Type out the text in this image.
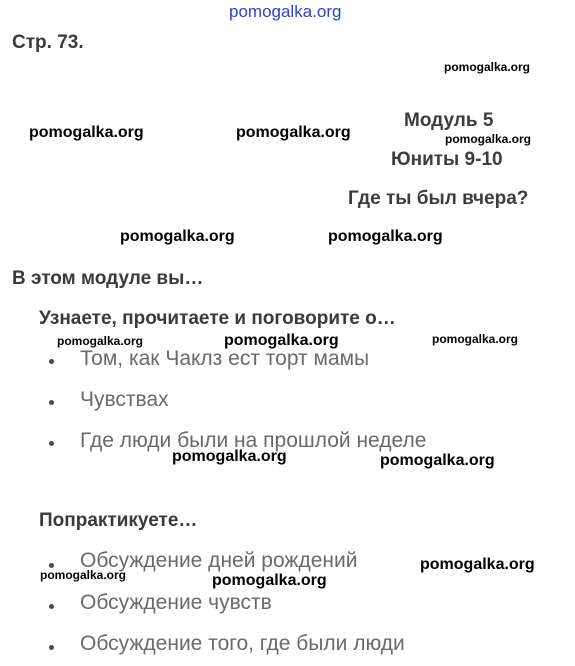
Стр. 73.
Модуль 5
Юниты 9-10
Где ты был вчера?
В этом модуле вы…
Узнаете, прочитаете и поговорите о…
Том, как Чаклз ест торт мамы
Чувствах
Где люди были на прошлой неделе
Попрактикуете…
Обсуждение дней рождений
Обсуждение чувств
Обсуждение того, где были люди
pomogalka.org
pomogalka.org
pomogalka.org	pomogalka.org	pomogalka.org
pomogalka.org	pomogalka.org
pomogalka.org	pomogalka.org	pomogalka.org
pomogalka.org	pomogalka.org
pomogalka.org
pomogalka.org	pomogalka.org
